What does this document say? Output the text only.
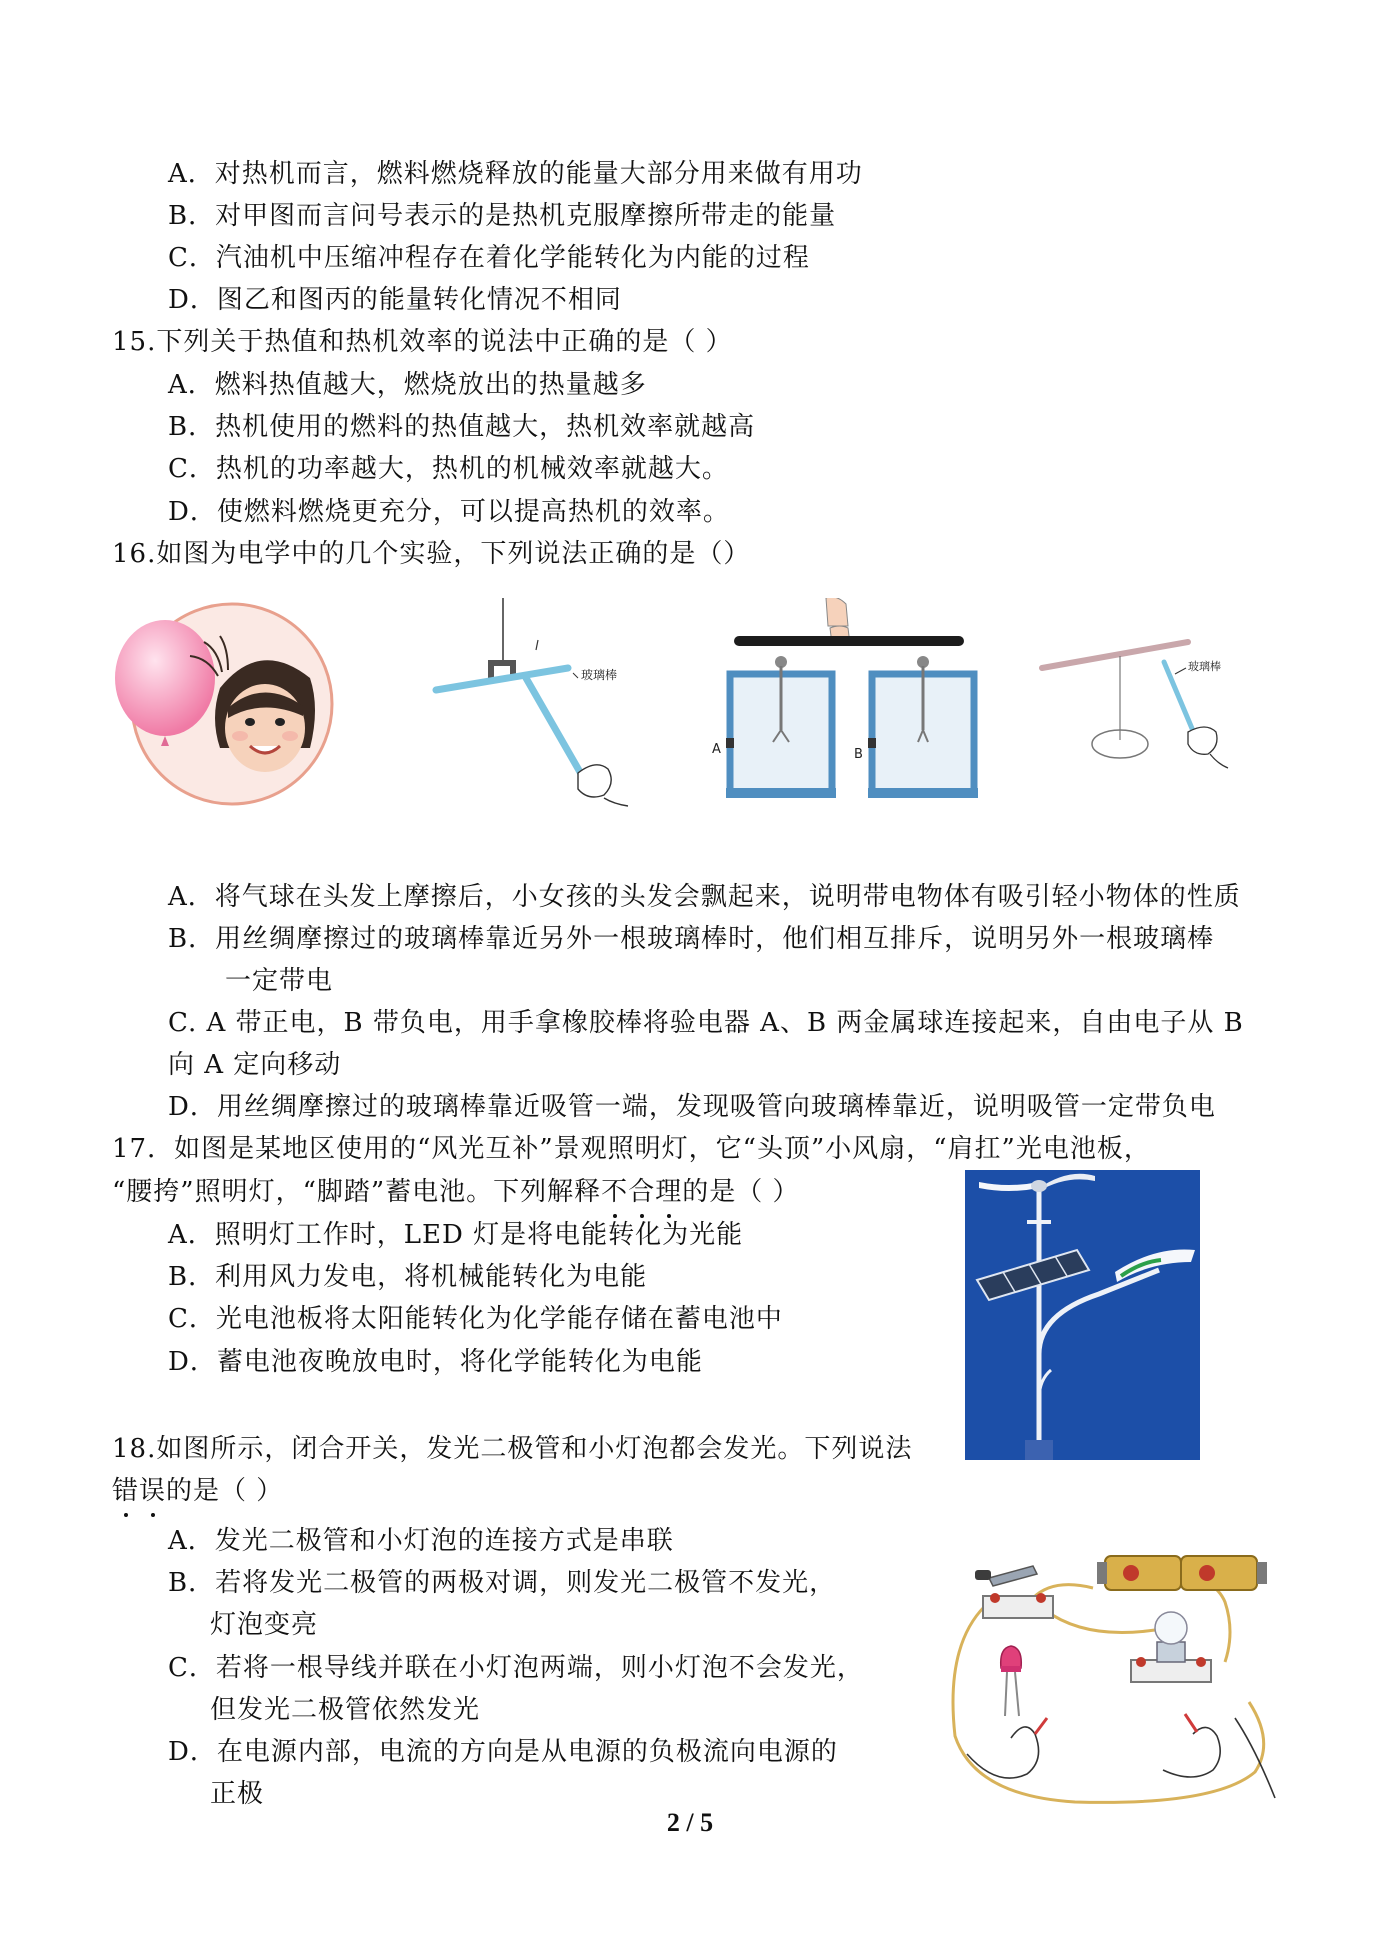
A．对热机而言，燃料燃烧释放的能量大部分用来做有用功
B．对甲图而言问号表示的是热机克服摩擦所带走的能量
C．汽油机中压缩冲程存在着化学能转化为内能的过程
D．图乙和图丙的能量转化情况不相同
15.下列关于热值和热机效率的说法中正确的是（ ）
A．燃料热值越大，燃烧放出的热量越多
B．热机使用的燃料的热值越大，热机效率就越高
C．热机的功率越大，热机的机械效率就越大。
D．使燃料燃烧更充分，可以提高热机的效率。
16.如图为电学中的几个实验，下列说法正确的是（）
玻璃棒
A	B
玻璃棒
A．将气球在头发上摩擦后，小女孩的头发会飘起来，说明带电物体有吸引轻小物体的性质
B．用丝绸摩擦过的玻璃棒靠近另外一根玻璃棒时，他们相互排斥，说明另外一根玻璃棒
一定带电
C. A 带正电，B 带负电，用手拿橡胶棒将验电器 A、B 两金属球连接起来，自由电子从 B
向 A 定向移动
D．用丝绸摩擦过的玻璃棒靠近吸管一端，发现吸管向玻璃棒靠近，说明吸管一定带负电
17．如图是某地区使用的“风光互补”景观照明灯，它“头顶”小风扇，“肩扛”光电池板，
“腰挎”照明灯，“脚踏”蓄电池。下列解释不合理的是（ ）
A．照明灯工作时，LED 灯是将电能转化为光能
B．利用风力发电，将机械能转化为电能
C．光电池板将太阳能转化为化学能存储在蓄电池中
D．蓄电池夜晚放电时，将化学能转化为电能
18.如图所示，闭合开关，发光二极管和小灯泡都会发光。下列说法
错误的是（ ）
A．发光二极管和小灯泡的连接方式是串联
B．若将发光二极管的两极对调，则发光二极管不发光，
灯泡变亮
C．若将一根导线并联在小灯泡两端，则小灯泡不会发光，
但发光二极管依然发光
D．在电源内部，电流的方向是从电源的负极流向电源的
正极
2 / 5
